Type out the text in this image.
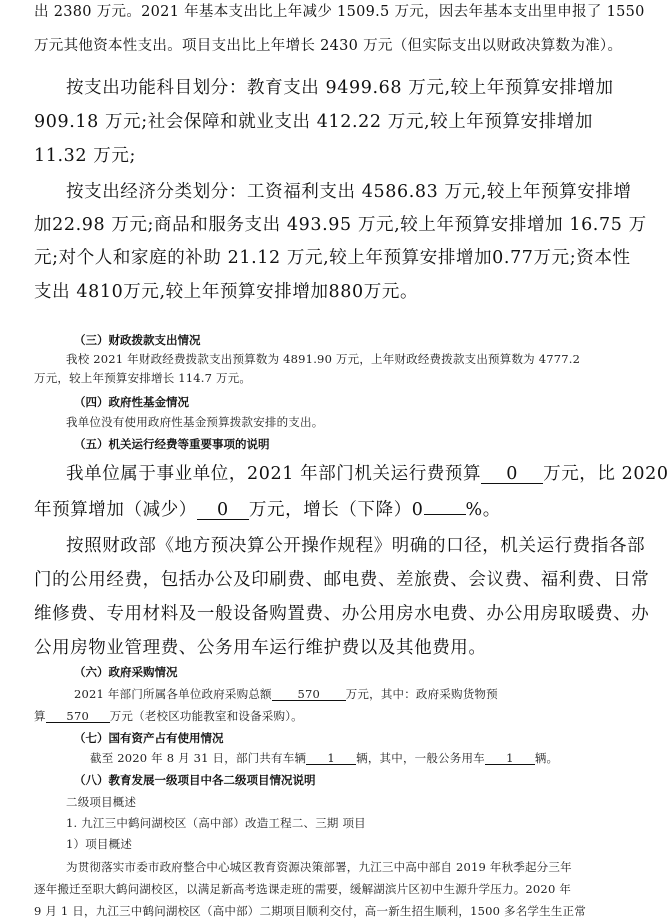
出 2380 万元。2021 年基本支出比上年减少 1509.5 万元，因去年基本支出里申报了 1550
万元其他资本性支出。项目支出比上年增长 2430 万元（但实际支出以财政决算数为准）。
按支出功能科目划分：教育支出 9499.68 万元,较上年预算安排增加
909.18 万元;社会保障和就业支出 412.22 万元,较上年预算安排增加
11.32 万元;
按支出经济分类划分：工资福利支出 4586.83 万元,较上年预算安排增
加22.98 万元;商品和服务支出 493.95 万元,较上年预算安排增加 16.75 万
元;对个人和家庭的补助 21.12 万元,较上年预算安排增加0.77万元;资本性
支出 4810万元,较上年预算安排增加880万元。
（三）财政拨款支出情况
我校 2021 年财政经费拨款支出预算数为 4891.90 万元，上年财政经费拨款支出预算数为 4777.2
万元，较上年预算安排增长 114.7 万元。
（四）政府性基金情况
我单位没有使用政府性基金预算拨款安排的支出。
（五）机关运行经费等重要事项的说明
我单位属于事业单位，2021 年部门机关运行费预算 0 万元，比 2020
年预算增加（减少） 0 万元，增长（下降）0 %。
按照财政部《地方预决算公开操作规程》明确的口径，机关运行费指各部
门的公用经费，包括办公及印刷费、邮电费、差旅费、会议费、福利费、日常
维修费、专用材料及一般设备购置费、办公用房水电费、办公用房取暖费、办
公用房物业管理费、公务用车运行维护费以及其他费用。
（六）政府采购情况
2021 年部门所属各单位政府采购总额 570 万元，其中：政府采购货物预
算 570 万元（老校区功能教室和设备采购）。
（七）国有资产占有使用情况
截至 2020 年 8 月 31 日，部门共有车辆 1 辆，其中，一般公务用车 1 辆。
（八）教育发展一级项目中各二级项目情况说明
二级项目概述
1. 九江三中鹤问湖校区（高中部）改造工程二、三期 项目
1）项目概述
为贯彻落实市委市政府整合中心城区教育资源决策部署，九江三中高中部自 2019 年秋季起分三年
逐年搬迁至职大鹤问湖校区，以满足新高考选课走班的需要，缓解湖滨片区初中生源升学压力。2020 年
9 月 1 日，九江三中鹤问湖校区（高中部）二期项目顺利交付，高一新生招生顺利，1500 多名学生生正常
